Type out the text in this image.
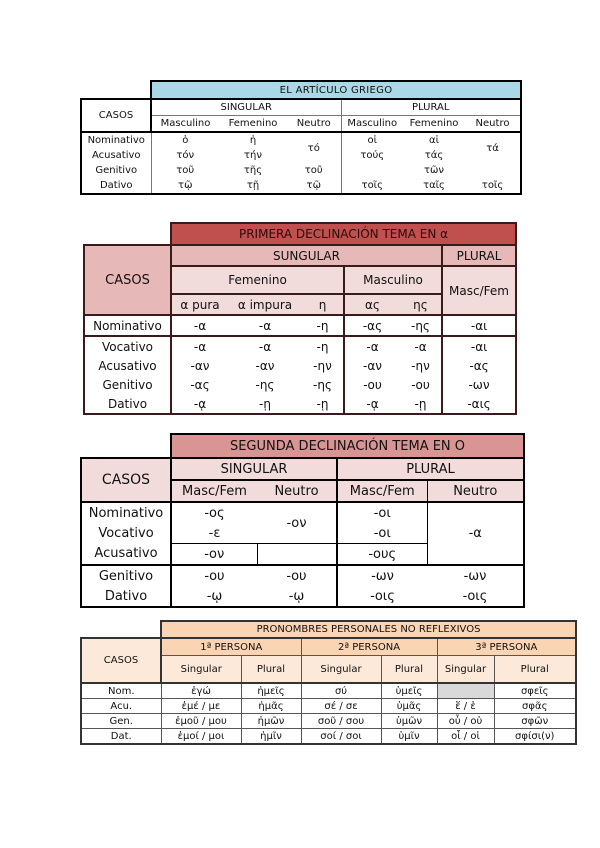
	EL ARTÍCULO GRIEGO					
CASOS	SINGULAR			PLURAL		
	Masculino	Femenino	Neutro	Masculino	Femenino	Neutro
Nominativo	ὁ	ἡ	τό	οἱ	αἱ	τά
Acusativo	τόν	τήν		τούς	τάς	
Genitivo	τοῦ	τῆς	τοῦ		τῶν	
Dativo	τῷ	τῇ	τῷ	τοῖς	ταῖς	τοῖς
	PRIMERA DECLINACIÓN TEMA EN α					
CASOS	SUNGULAR					PLURAL
	Femenino			Masculino		Masc/Fem
	α pura	α impura	η	ας	ης	
Nominativo	-α	-α	-η	-ας	-ης	-αι
Vocativo	-α	-α	-η	-α	-α	-αι
Acusativo	-αν	-αν	-ην	-αν	-ην	-ας
Genitivo	-ας	-ης	-ης	-ου	-ου	-ων
Dativo	-ᾳ	-ῃ	-ῃ	-ᾳ	-ῃ	-αις
	SEGUNDA DECLINACIÓN TEMA EN O			
CASOS	SINGULAR		PLURAL	
	Masc/Fem	Neutro	Masc/Fem	Neutro
Nominativo	-ος	-ον	-οι	-α
Vocativo	-ε		-οι	
Acusativo	-ον		-ους	
Genitivo	-ου	-ου	-ων	-ων
Dativo	-ῳ	-ῳ	-οις	-οις
	PRONOMBRES PERSONALES NO REFLEXIVOS					
CASOS	1ª PERSONA		2ª PERSONA		3ª PERSONA	
	Singular	Plural	Singular	Plural	Singular	Plural
Nom.	ἐγώ	ἡμεῖς	σύ	ὑμεῖς		σφεῖς
Acu.	ἐμέ / με	ἡμᾶς	σέ / σε	ὑμᾶς	ἕ / ἑ	σφᾶς
Gen.	ἐμοῦ / μου	ἡμῶν	σοῦ / σου	ὑμῶν	οὗ / οὑ	σφῶν
Dat.	ἐμοί / μοι	ἡμῖν	σοί / σοι	ὑμῖν	οἷ / οἱ	σφίσι(ν)
